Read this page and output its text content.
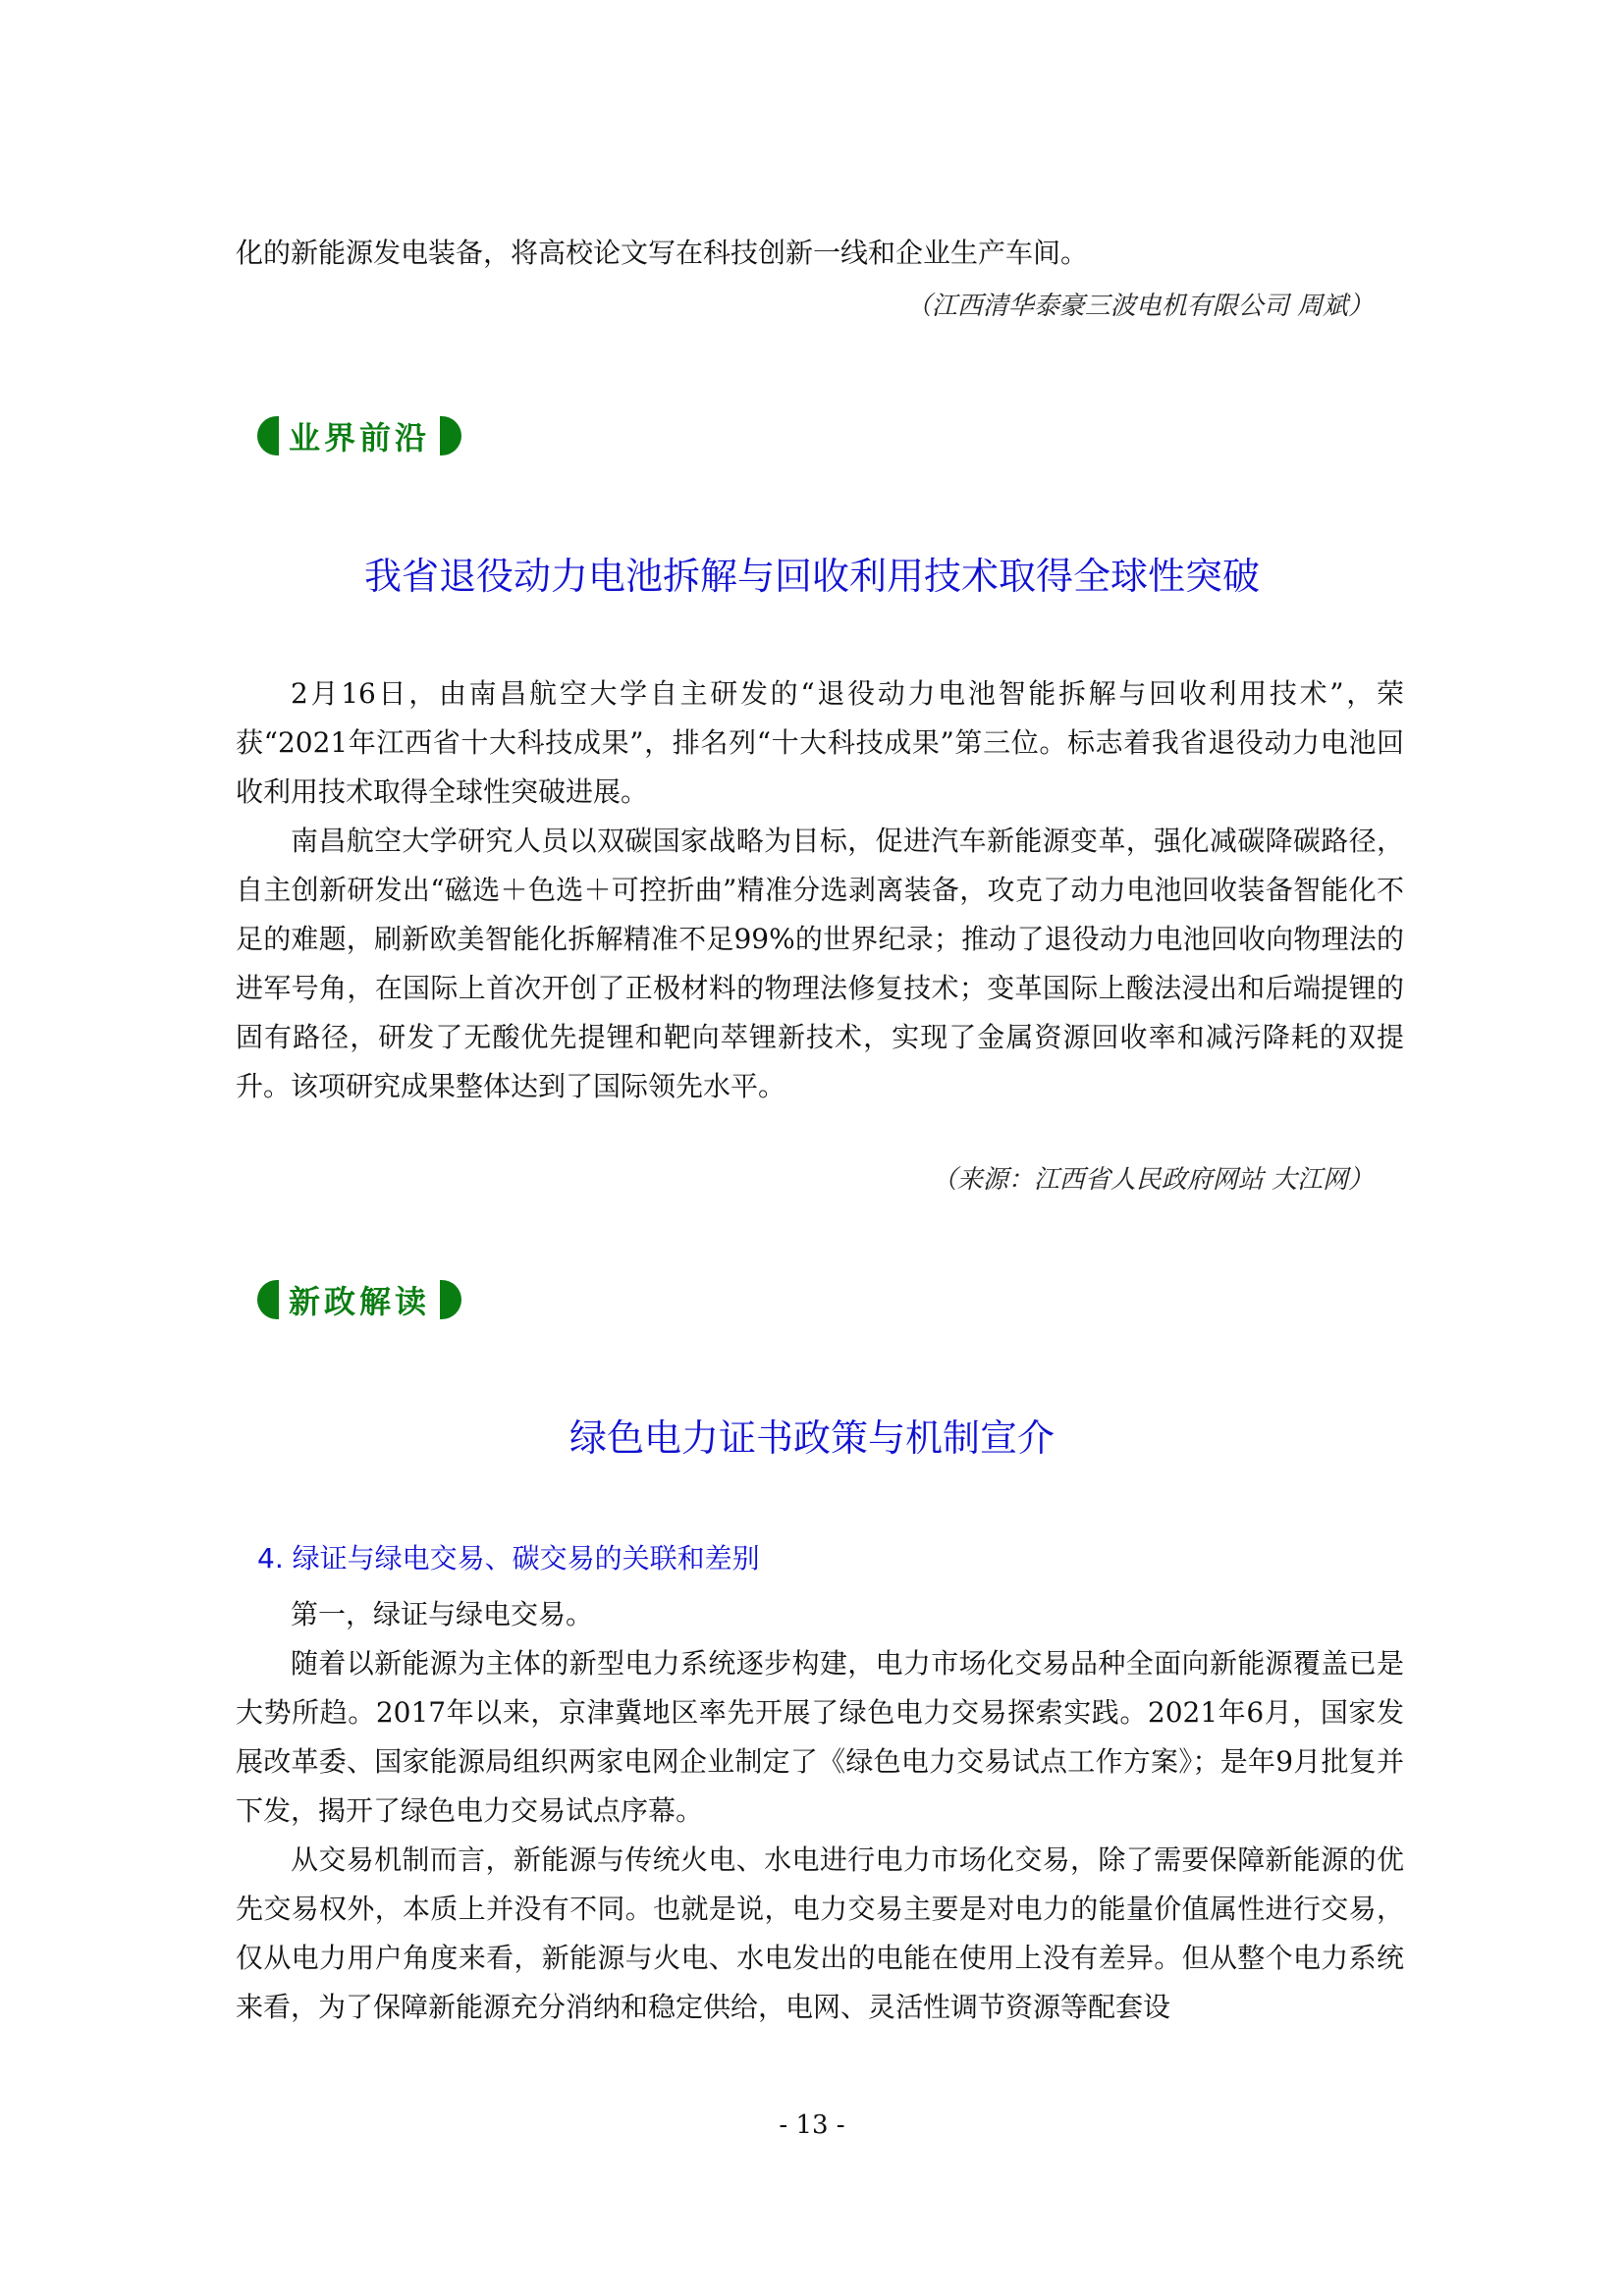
化的新能源发电装备，将高校论文写在科技创新一线和企业生产车间。
（江西清华泰豪三波电机有限公司 周斌）
业界前沿
我省退役动力电池拆解与回收利用技术取得全球性突破

2月16日，由南昌航空大学自主研发的“退役动力电池智能拆解与回收利用技术”，荣获“2021年江西省十大科技成果”，排名列“十大科技成果”第三位。标志着我省退役动力电池回收利用技术取得全球性突破进展。

南昌航空大学研究人员以双碳国家战略为目标，促进汽车新能源变革，强化减碳降碳路径，自主创新研发出“磁选＋色选＋可控折曲”精准分选剥离装备，攻克了动力电池回收装备智能化不足的难题，刷新欧美智能化拆解精准不足99%的世界纪录；推动了退役动力电池回收向物理法的进军号角，在国际上首次开创了正极材料的物理法修复技术；变革国际上酸法浸出和后端提锂的固有路径，研发了无酸优先提锂和靶向萃锂新技术，实现了金属资源回收率和减污降耗的双提升。该项研究成果整体达到了国际领先水平。

（来源：江西省人民政府网站 大江网）
新政解读
绿色电力证书政策与机制宣介
4. 绿证与绿电交易、碳交易的关联和差别

第一，绿证与绿电交易。

随着以新能源为主体的新型电力系统逐步构建，电力市场化交易品种全面向新能源覆盖已是大势所趋。2017年以来，京津冀地区率先开展了绿色电力交易探索实践。2021年6月，国家发展改革委、国家能源局组织两家电网企业制定了《绿色电力交易试点工作方案》；是年9月批复并下发，揭开了绿色电力交易试点序幕。

从交易机制而言，新能源与传统火电、水电进行电力市场化交易，除了需要保障新能源的优先交易权外，本质上并没有不同。也就是说，电力交易主要是对电力的能量价值属性进行交易，仅从电力用户角度来看，新能源与火电、水电发出的电能在使用上没有差异。但从整个电力系统来看，为了保障新能源充分消纳和稳定供给，电网、灵活性调节资源等配套设

- 13 -
